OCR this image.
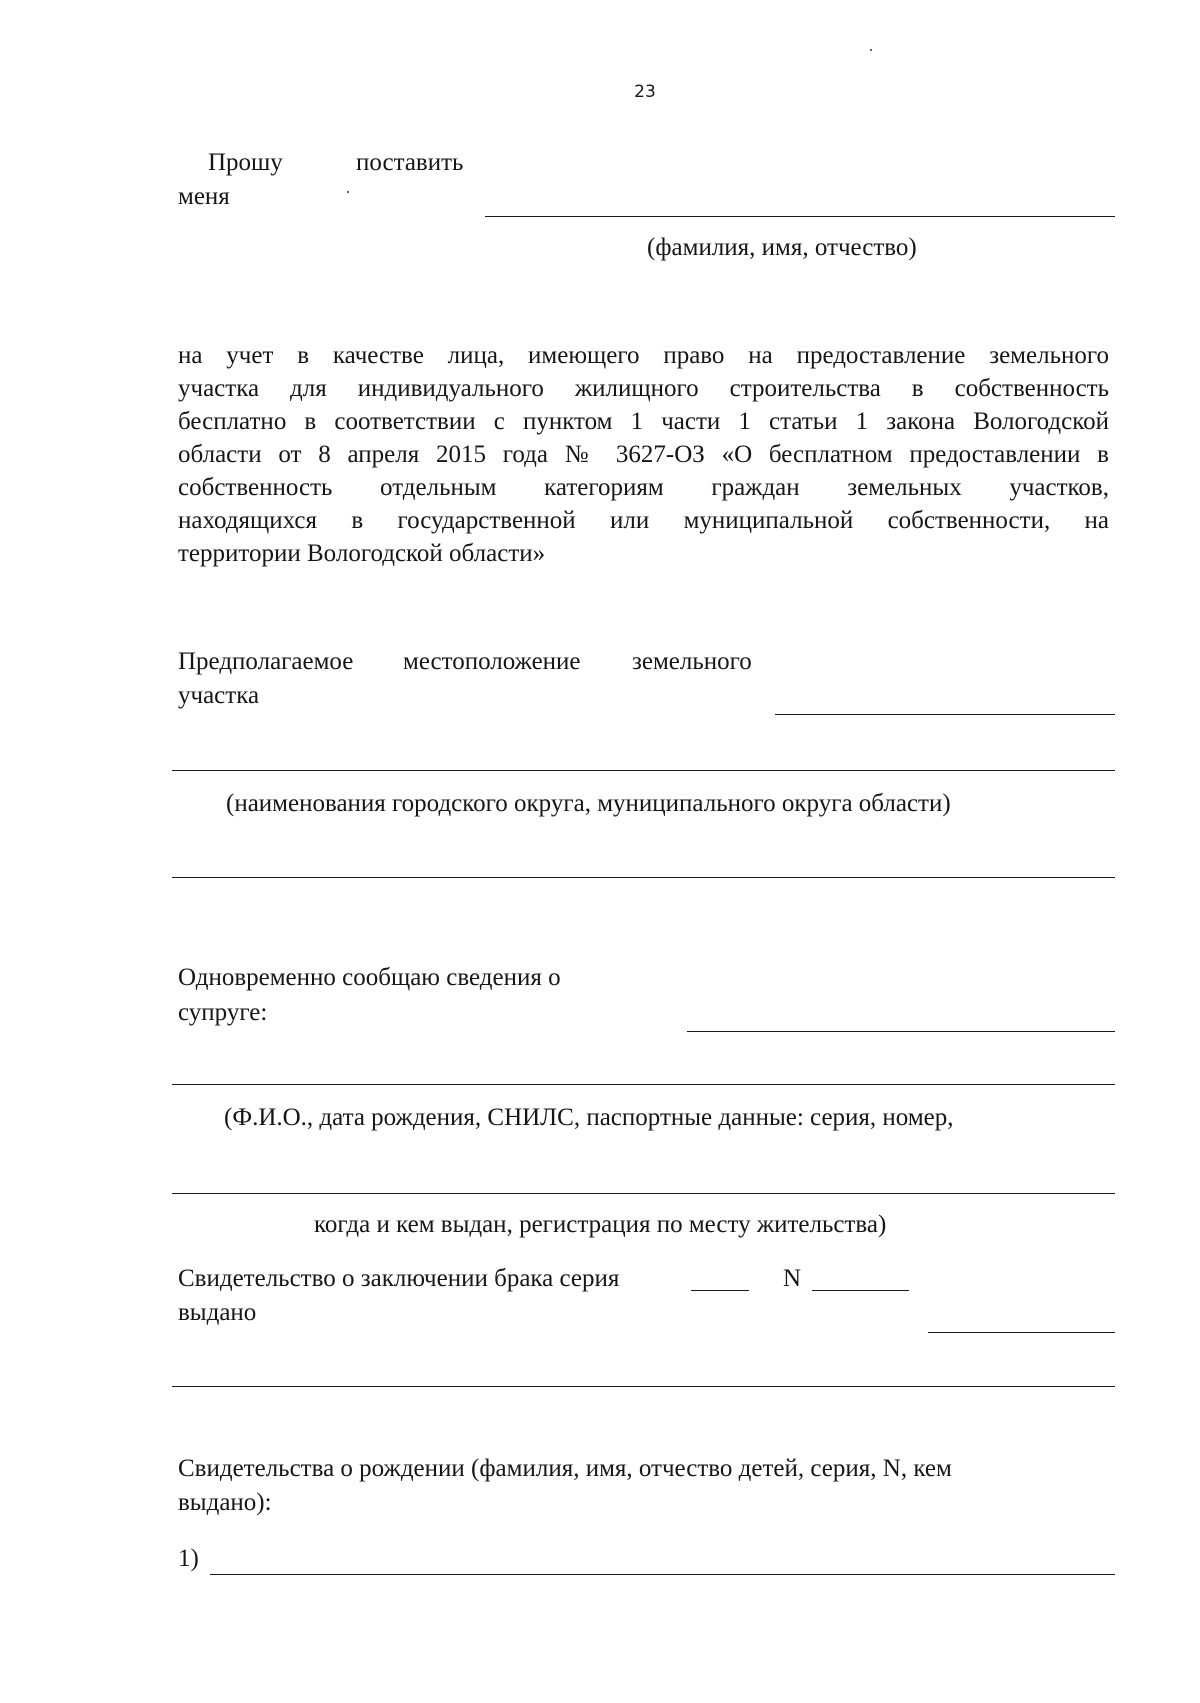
23
Прошу	поставить
меня
(фамилия, имя, отчество)
на учет в качестве лица, имеющего право на предоставление земельного
участка для индивидуального жилищного строительства в собственность
бесплатно в соответствии с пунктом 1 части 1 статьи 1 закона Вологодской
области от 8 апреля 2015 года № 3627-ОЗ «О бесплатном предоставлении в
собственность отдельным категориям граждан земельных участков,
находящихся в государственной или муниципальной собственности, на
территории Вологодской области»
Предполагаемое местоположение земельного
участка
(наименования городского округа, муниципального округа области)
Одновременно сообщаю сведения о
супруге:
(Ф.И.О., дата рождения, СНИЛС, паспортные данные: серия, номер,
когда и кем выдан, регистрация по месту жительства)
Свидетельство о заключении брака серия	N
выдано
Свидетельства о рождении (фамилия, имя, отчество детей, серия, N, кем
выдано):
1)
